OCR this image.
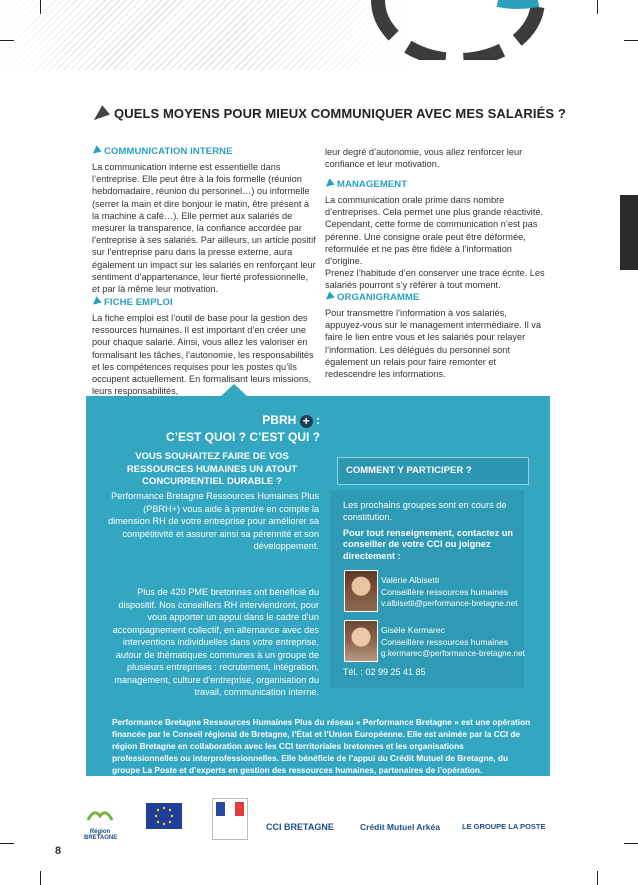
QUELS MOYENS POUR MIEUX COMMUNIQUER AVEC MES SALARIÉS ?
COMMUNICATION INTERNE
La communication interne est essentielle dans l’entreprise. Elle peut être à la fois formelle (réunion hebdomadaire, réunion du personnel…) ou informelle (serrer la main et dire bonjour le matin, être présent à la machine à café…). Elle permet aux salariés de mesurer la transparence, la confiance accordée par l’entreprise à ses salariés. Par ailleurs, un article positif sur l’entreprise paru dans la presse externe, aura également un impact sur les salariés en renforçant leur sentiment d’appartenance, leur fierté professionnelle, et par là même leur motivation.
FICHE EMPLOI
La fiche emploi est l’outil de base pour la gestion des ressources humaines. Il est important d’en créer une pour chaque salarié. Ainsi, vous allez les valoriser en formalisant les tâches, l’autonomie, les responsabilités et les compétences requises pour les postes qu’ils occupent actuellement. En formalisant leurs missions, leurs responsabilités,
leur degré d’autonomie, vous allez renforcer leur confiance et leur motivation.
MANAGEMENT
La communication orale prime dans nombre d’entreprises. Cela permet une plus grande réactivité. Cependant, cette forme de communication n’est pas pérenne. Une consigne orale peut être déformée, reformulée et ne pas être fidèle à l’information d’origine.
Prenez l’habitude d’en conserver une trace écrite. Les salariés pourront s’y référer à tout moment.
ORGANIGRAMME
Pour transmettre l’information à vos salariés, appuyez-vous sur le management intermédiaire. Il va faire le lien entre vous et les salariés pour relayer l’information. Les délégués du personnel sont également un relais pour faire remonter et redescendre les informations.
PBRH + :
C’EST QUOI ? C’EST QUI ?
VOUS SOUHAITEZ FAIRE DE VOS RESSOURCES HUMAINES UN ATOUT CONCURRENTIEL DURABLE ?
Performance Bretagne Ressources Humaines Plus (PBRH+) vous aide à prendre en compte la dimension RH de votre entreprise pour améliorer sa compétitivité et assurer ainsi sa pérennité et son développement.
Plus de 420 PME bretonnes ont bénéficié du dispositif. Nos conseillers RH interviendront, pour vous apporter un appui dans le cadre d’un accompagnement collectif, en alternance avec des interventions individuelles dans votre entreprise, autour de thématiques communes à un groupe de plusieurs entreprises : recrutement, intégration, management, culture d’entreprise, organisation du travail, communication interne.
COMMENT Y PARTICIPER ?
Les prochains groupes sont en cours de constitution.
Pour tout renseignement, contactez un conseiller de votre CCI ou joignez directement :
Valérie Albisetti
Conseillère ressources humaines
v.albisetti@performance-bretagne.net
Gisèle Kermarec
Conseillère ressources humaines
g.kermarec@performance-bretagne.net
Tél. : 02 99 25 41 85
Performance Bretagne Ressources Humaines Plus du réseau « Performance Bretagne » est une opération financée par le Conseil régional de Bretagne, l’État et l’Union Européenne. Elle est animée par la CCI de région Bretagne en collaboration avec les CCI territoriales bretonnes et les organisations professionnelles ou interprofessionnelles. Elle bénéficie de l’appui du Crédit Mutuel de Bretagne, du groupe La Poste et d’experts en gestion des ressources humaines, partenaires de l’opération.
Région BRETAGNE
CCI BRETAGNE	Crédit Mutuel Arkéa	LE GROUPE LA POSTE
8
